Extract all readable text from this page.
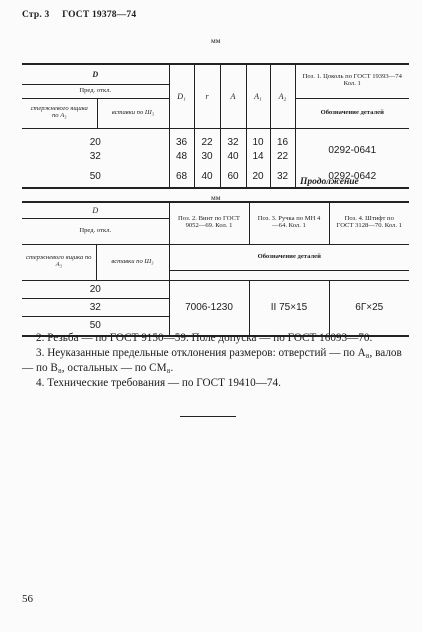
Стр. 3 ГОСТ 19378—74
мм
D		D₁	r	A	A₁	A₂	Поз. 1. Цоколь по ГОСТ 19393—74 Кол. 1
Пред. откл.							
стержневого ящика по A₃	вставки по Ш₃						Обозначение деталей
20		36	22	32	10	16	0292-0641
32		48	30	40	14	22	
50		68	40	60	20	32	0292-0642
Продолжение
мм
D		Поз. 2. Винт по ГОСТ 9052—69. Кол. 1	Поз. 3. Ручка по МН 4—64. Кол. 1	Поз. 4. Штифт по ГОСТ 3128—70. Кол. 1
Пред. откл.				
стержневого ящика по A₃	вставки по Ш₃	Обозначение деталей		

20		7006-1230	II 75×15	6Г×25
32				
50				

2. Резьба — по ГОСТ 9150—59. Поле допуска — по ГОСТ 16093—70.

3. Неуказанные предельные отклонения размеров: отверстий — по A₈, валов — по B₈, остальных — по CM₈.

4. Технические требования — по ГОСТ 19410—74.

56
